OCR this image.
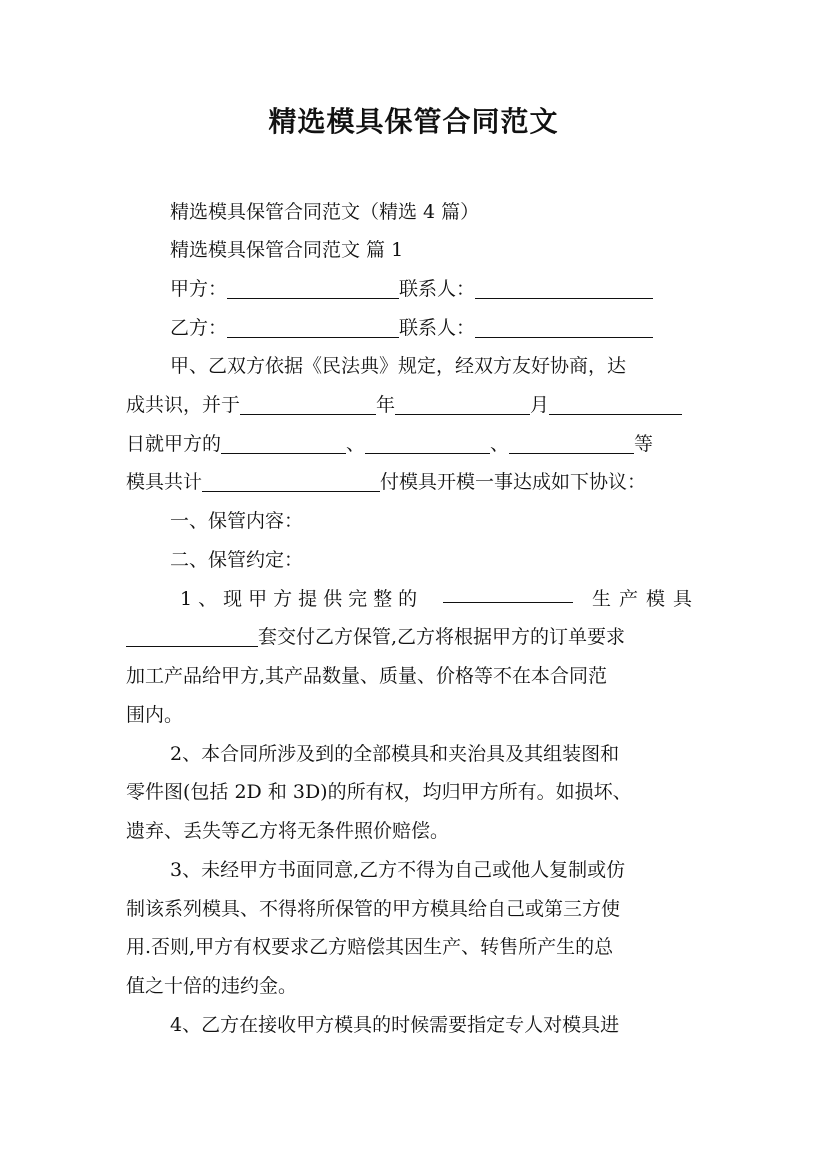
精选模具保管合同范文
精选模具保管合同范文（精选 4 篇）
精选模具保管合同范文 篇 1
甲方：	联系人：
乙方：	联系人：
甲、乙双方依据《民法典》规定，经双方友好协商，达
成共识，并于	年	月
日就甲方的	、	、	等
模具共计	付模具开模一事达成如下协议：
一、保管内容：
二、保管约定：
1、现甲方提供完整的	生产模具
套交付乙方保管,乙方将根据甲方的订单要求
加工产品给甲方,其产品数量、质量、价格等不在本合同范
围内。
2、本合同所涉及到的全部模具和夹治具及其组装图和
零件图(包括 2D 和 3D)的所有权，均归甲方所有。如损坏、
遗弃、丢失等乙方将无条件照价赔偿。
3、未经甲方书面同意,乙方不得为自己或他人复制或仿
制该系列模具、不得将所保管的甲方模具给自己或第三方使
用.否则,甲方有权要求乙方赔偿其因生产、转售所产生的总
值之十倍的违约金。
4、乙方在接收甲方模具的时候需要指定专人对模具进
